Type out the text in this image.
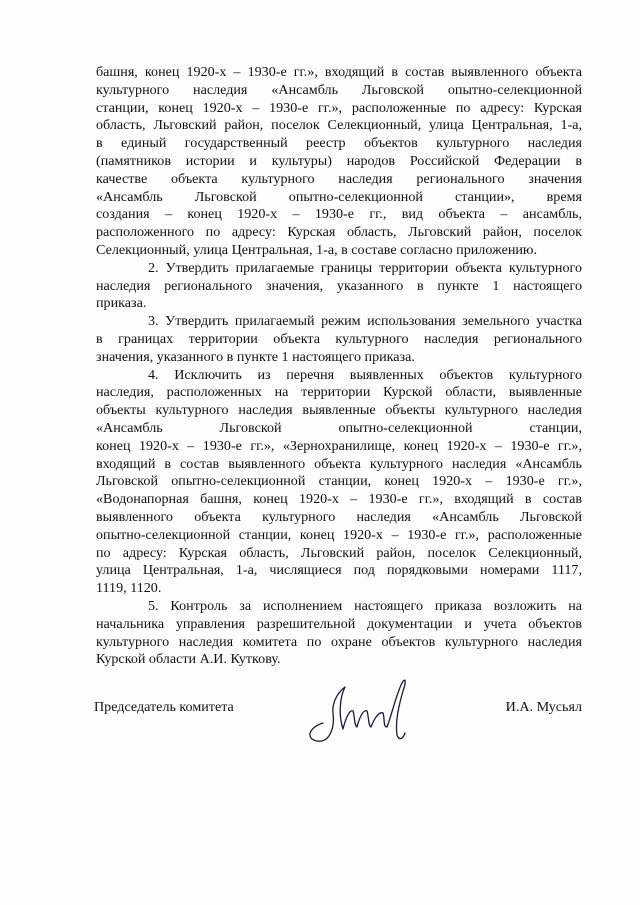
башня, конец 1920-х – 1930-е гг.», входящий в состав выявленного объекта
культурного наследия «Ансамбль Льговской опытно-селекционной
станции, конец 1920-х – 1930-е гг.», расположенные по адресу: Курская
область, Льговский район, поселок Селекционный, улица Центральная, 1-а,
в единый государственный реестр объектов культурного наследия
(памятников истории и культуры) народов Российской Федерации в
качестве объекта культурного наследия регионального значения
«Ансамбль Льговской опытно-селекционной станции», время
создания – конец 1920-х – 1930-е гг., вид объекта – ансамбль,
расположенного по адресу: Курская область, Льговский район, поселок
Селекционный, улица Центральная, 1-а, в составе согласно приложению.

2. Утвердить прилагаемые границы территории объекта культурного
наследия регионального значения, указанного в пункте 1 настоящего
приказа.

3. Утвердить прилагаемый режим использования земельного участка
в границах территории объекта культурного наследия регионального
значения, указанного в пункте 1 настоящего приказа.

4. Исключить из перечня выявленных объектов культурного
наследия, расположенных на территории Курской области, выявленные
объекты культурного наследия выявленные объекты культурного наследия
«Ансамбль Льговской опытно-селекционной станции,
конец 1920-х – 1930-е гг.», «Зернохранилище, конец 1920-х – 1930-е гг.»,
входящий в состав выявленного объекта культурного наследия «Ансамбль
Льговской опытно-селекционной станции, конец 1920-х – 1930-е гг.»,
«Водонапорная башня, конец 1920-х – 1930-е гг.», входящий в состав
выявленного объекта культурного наследия «Ансамбль Льговской
опытно-селекционной станции, конец 1920-х – 1930-е гг.», расположенные
по адресу: Курская область, Льговский район, поселок Селекционный,
улица Центральная, 1-а, числящиеся под порядковыми номерами 1117,
1119, 1120.

5. Контроль за исполнением настоящего приказа возложить на
начальника управления разрешительной документации и учета объектов
культурного наследия комитета по охране объектов культурного наследия
Курской области А.И. Куткову.

Председатель комитета	И.А. Мусьял
